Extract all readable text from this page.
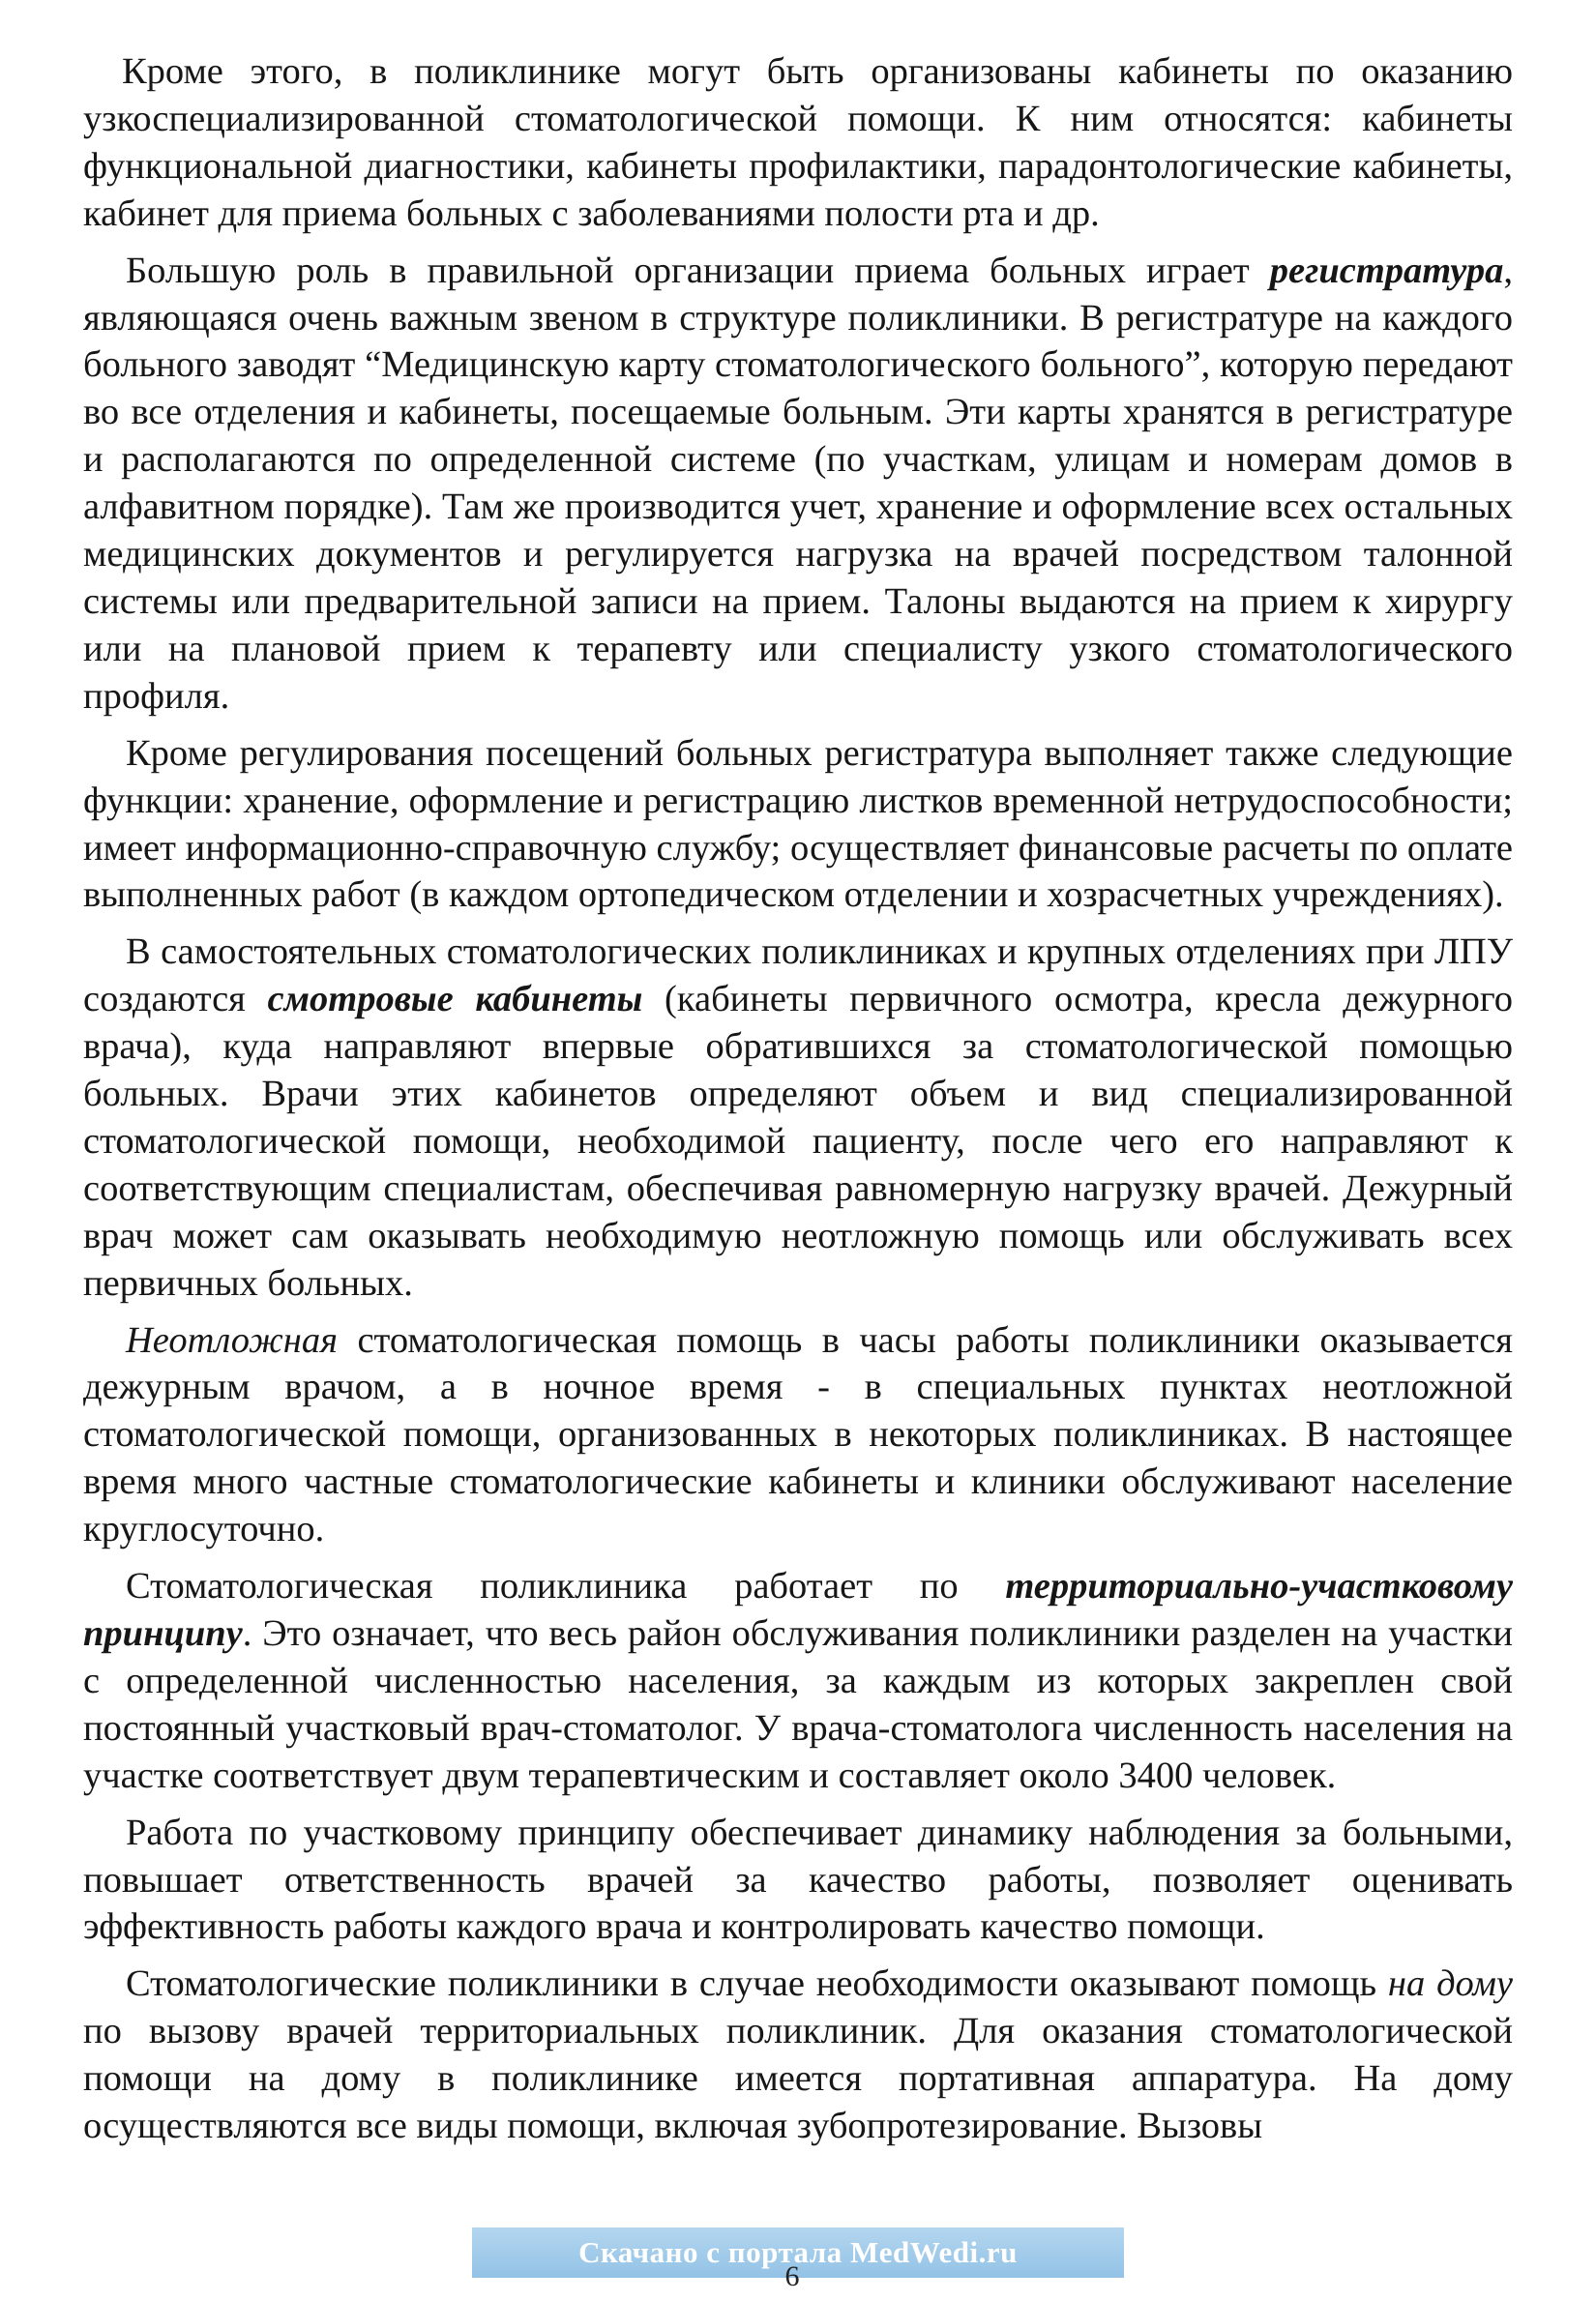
Кроме этого, в поликлинике могут быть организованы кабинеты по оказанию узкоспециализированной стоматологической помощи. К ним относятся: кабинеты функциональной диагностики, кабинеты профилактики, парадонтологические кабинеты, кабинет для приема больных с заболеваниями полости рта и др.

Большую роль в правильной организации приема больных играет регистратура, являющаяся очень важным звеном в структуре поликлиники. В регистратуре на каждого больного заводят “Медицинскую карту стоматологического больного”, которую передают во все отделения и кабинеты, посещаемые больным. Эти карты хранятся в регистратуре и располагаются по определенной системе (по участкам, улицам и номерам домов в алфавитном порядке). Там же производится учет, хранение и оформление всех остальных медицинских документов и регулируется нагрузка на врачей посредством талонной системы или предварительной записи на прием. Талоны выдаются на прием к хирургу или на плановой прием к терапевту или специалисту узкого стоматологического профиля.

Кроме регулирования посещений больных регистратура выполняет также следующие функции: хранение, оформление и регистрацию листков временной нетрудоспособности; имеет информационно-справочную службу; осуществляет финансовые расчеты по оплате выполненных работ (в каждом ортопедическом отделении и хозрасчетных учреждениях).

В самостоятельных стоматологических поликлиниках и крупных отделениях при ЛПУ создаются смотровые кабинеты (кабинеты первичного осмотра, кресла дежурного врача), куда направляют впервые обратившихся за стоматологической помощью больных. Врачи этих кабинетов определяют объем и вид специализированной стоматологической помощи, необходимой пациенту, после чего его направляют к соответствующим специалистам, обеспечивая равномерную нагрузку врачей. Дежурный врач может сам оказывать необходимую неотложную помощь или обслуживать всех первичных больных.

Неотложная стоматологическая помощь в часы работы поликлиники оказывается дежурным врачом, а в ночное время - в специальных пунктах неотложной стоматологической помощи, организованных в некоторых поликлиниках. В настоящее время много частные стоматологические кабинеты и клиники обслуживают население круглосуточно.

Стоматологическая поликлиника работает по территориально-участковому принципу. Это означает, что весь район обслуживания поликлиники разделен на участки с определенной численностью населения, за каждым из которых закреплен свой постоянный участковый врач-стоматолог. У врача-стоматолога численность населения на участке соответствует двум терапевтическим и составляет около 3400 человек.

Работа по участковому принципу обеспечивает динамику наблюдения за больными, повышает ответственность врачей за качество работы, позволяет оценивать эффективность работы каждого врача и контролировать качество помощи.

Стоматологические поликлиники в случае необходимости оказывают помощь на дому по вызову врачей территориальных поликлиник. Для оказания стоматологической помощи на дому в поликлинике имеется портативная аппаратура. На дому осуществляются все виды помощи, включая зубопротезирование. Вызовы

Скачано с портала MedWedi.ru
6
